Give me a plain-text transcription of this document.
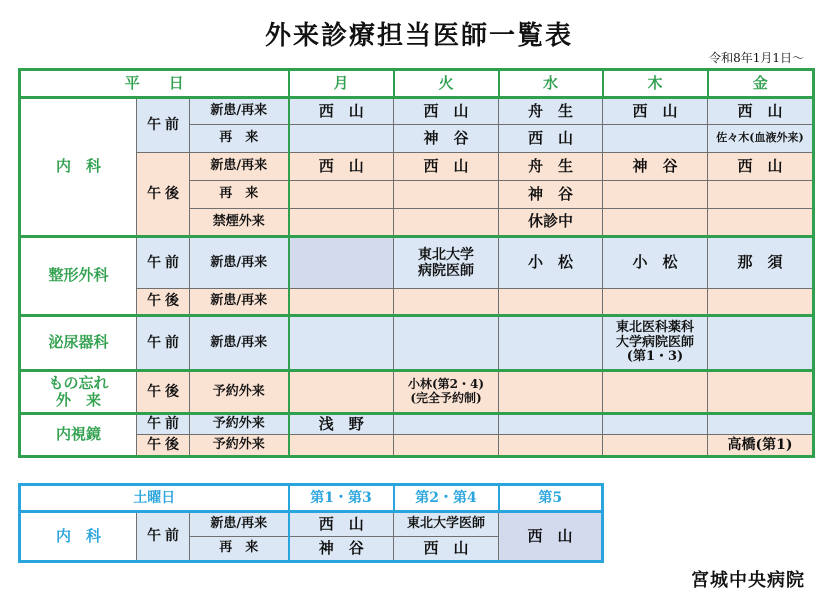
外来診療担当医師一覧表
令和8年1月1日～
平　日			月	火	水	木	金
内　科	午前	新患/再来	西　山	西　山	舟　生	西　山	西　山
		再　来		神　谷	西　山		佐々木(血液外来)
	午後	新患/再来	西　山	西　山	舟　生	神　谷	西　山
		再　来			神　谷		
		禁煙外来			休診中		
整形外科	午前	新患/再来		東北大学
病院医師	小　松	小　松	那　須
	午後	新患/再来					
泌尿器科	午前	新患/再来				東北医科薬科
大学病院医師
(第1・3)	

もの忘れ
外　来	午後	予約外来		小林(第2・4)
(完全予約制)			

内視鏡	午前	予約外来	浅　野				
	午後	予約外来					高橋(第1)
土曜日			第1・第3	第2・第4	第5
内　科	午前	新患/再来	西　山	東北大学医師	西　山
		再　来	神　谷	西　山	
宮城中央病院
